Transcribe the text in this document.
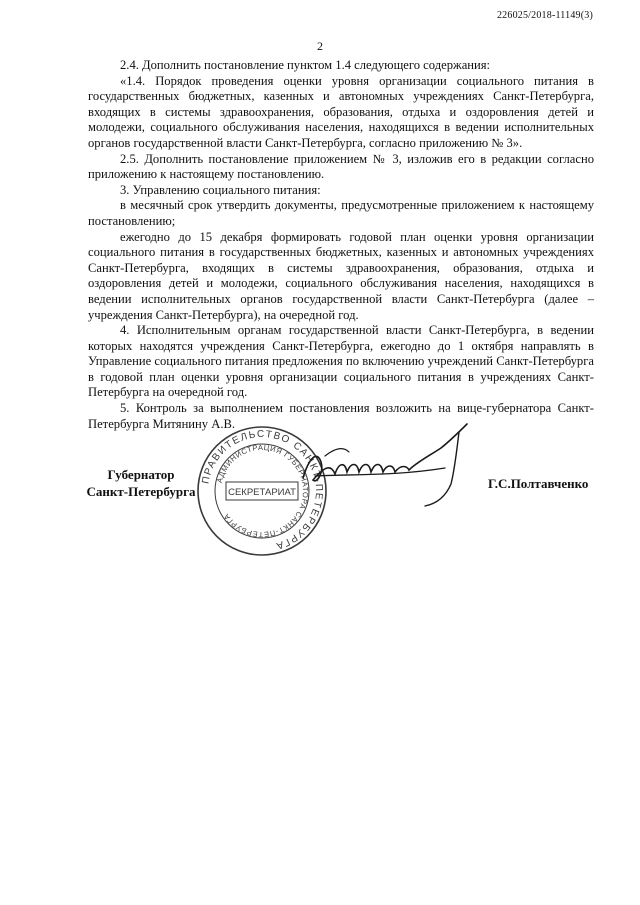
226025/2018-11149(3)
2

2.4. Дополнить постановление пунктом 1.4 следующего содержания:

«1.4. Порядок проведения оценки уровня организации социального питания в государственных бюджетных, казенных и автономных учреждениях Санкт-Петербурга, входящих в системы здравоохранения, образования, отдыха и оздоровления детей и молодежи, социального обслуживания населения, находящихся в ведении исполнительных органов государственной власти Санкт-Петербурга, согласно приложению № 3».

2.5. Дополнить постановление приложением № 3, изложив его в редакции согласно приложению к настоящему постановлению.

3. Управлению социального питания:

в месячный срок утвердить документы, предусмотренные приложением к настоящему постановлению;

ежегодно до 15 декабря формировать годовой план оценки уровня организации социального питания в государственных бюджетных, казенных и автономных учреждениях Санкт-Петербурга, входящих в системы здравоохранения, образования, отдыха и оздоровления детей и молодежи, социального обслуживания населения, находящихся в ведении исполнительных органов государственной власти Санкт-Петербурга (далее – учреждения Санкт-Петербурга), на очередной год.

4. Исполнительным органам государственной власти Санкт-Петербурга, в ведении которых находятся учреждения Санкт-Петербурга, ежегодно до 1 октября направлять в Управление социального питания предложения по включению учреждений Санкт-Петербурга в годовой план оценки уровня организации социального питания в учреждениях Санкт-Петербурга на очередной год.

5. Контроль за выполнением постановления возложить на вице-губернатора Санкт-Петербурга Митянину А.В.

Губернатор
Санкт-Петербурга
ПРАВИТЕЛЬСТВО САНКТ-ПЕТЕРБУРГА
АДМИНИСТРАЦИЯ ГУБЕРНАТОРА САНКТ-ПЕТЕРБУРГА
СЕКРЕТАРИАТ
Г.С.Полтавченко
